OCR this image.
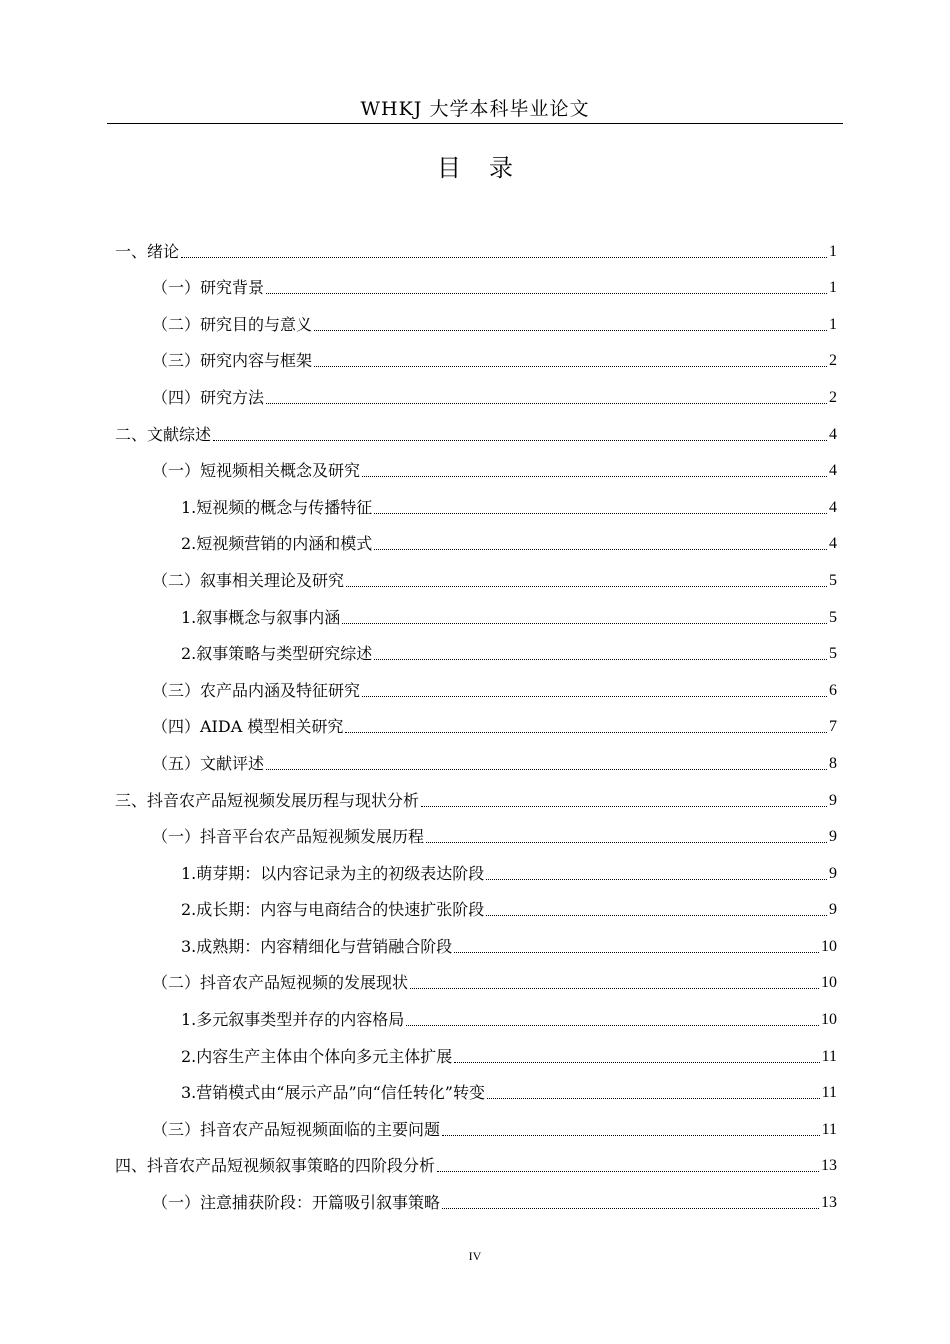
WHKJ 大学本科毕业论文
目录
一、绪论	1
（一）研究背景	1
（二）研究目的与意义	1
（三）研究内容与框架	2
（四）研究方法	2
二、文献综述	4
（一）短视频相关概念及研究	4
1.短视频的概念与传播特征	4
2.短视频营销的内涵和模式	4
（二）叙事相关理论及研究	5
1.叙事概念与叙事内涵	5
2.叙事策略与类型研究综述	5
（三）农产品内涵及特征研究	6
（四）AIDA 模型相关研究	7
（五）文献评述	8
三、抖音农产品短视频发展历程与现状分析	9
（一）抖音平台农产品短视频发展历程	9
1.萌芽期：以内容记录为主的初级表达阶段	9
2.成长期：内容与电商结合的快速扩张阶段	9
3.成熟期：内容精细化与营销融合阶段	10
（二）抖音农产品短视频的发展现状	10
1.多元叙事类型并存的内容格局	10
2.内容生产主体由个体向多元主体扩展	11
3.营销模式由“展示产品”向“信任转化”转变	11
（三）抖音农产品短视频面临的主要问题	11
四、抖音农产品短视频叙事策略的四阶段分析	13
（一）注意捕获阶段：开篇吸引叙事策略	13
IV
